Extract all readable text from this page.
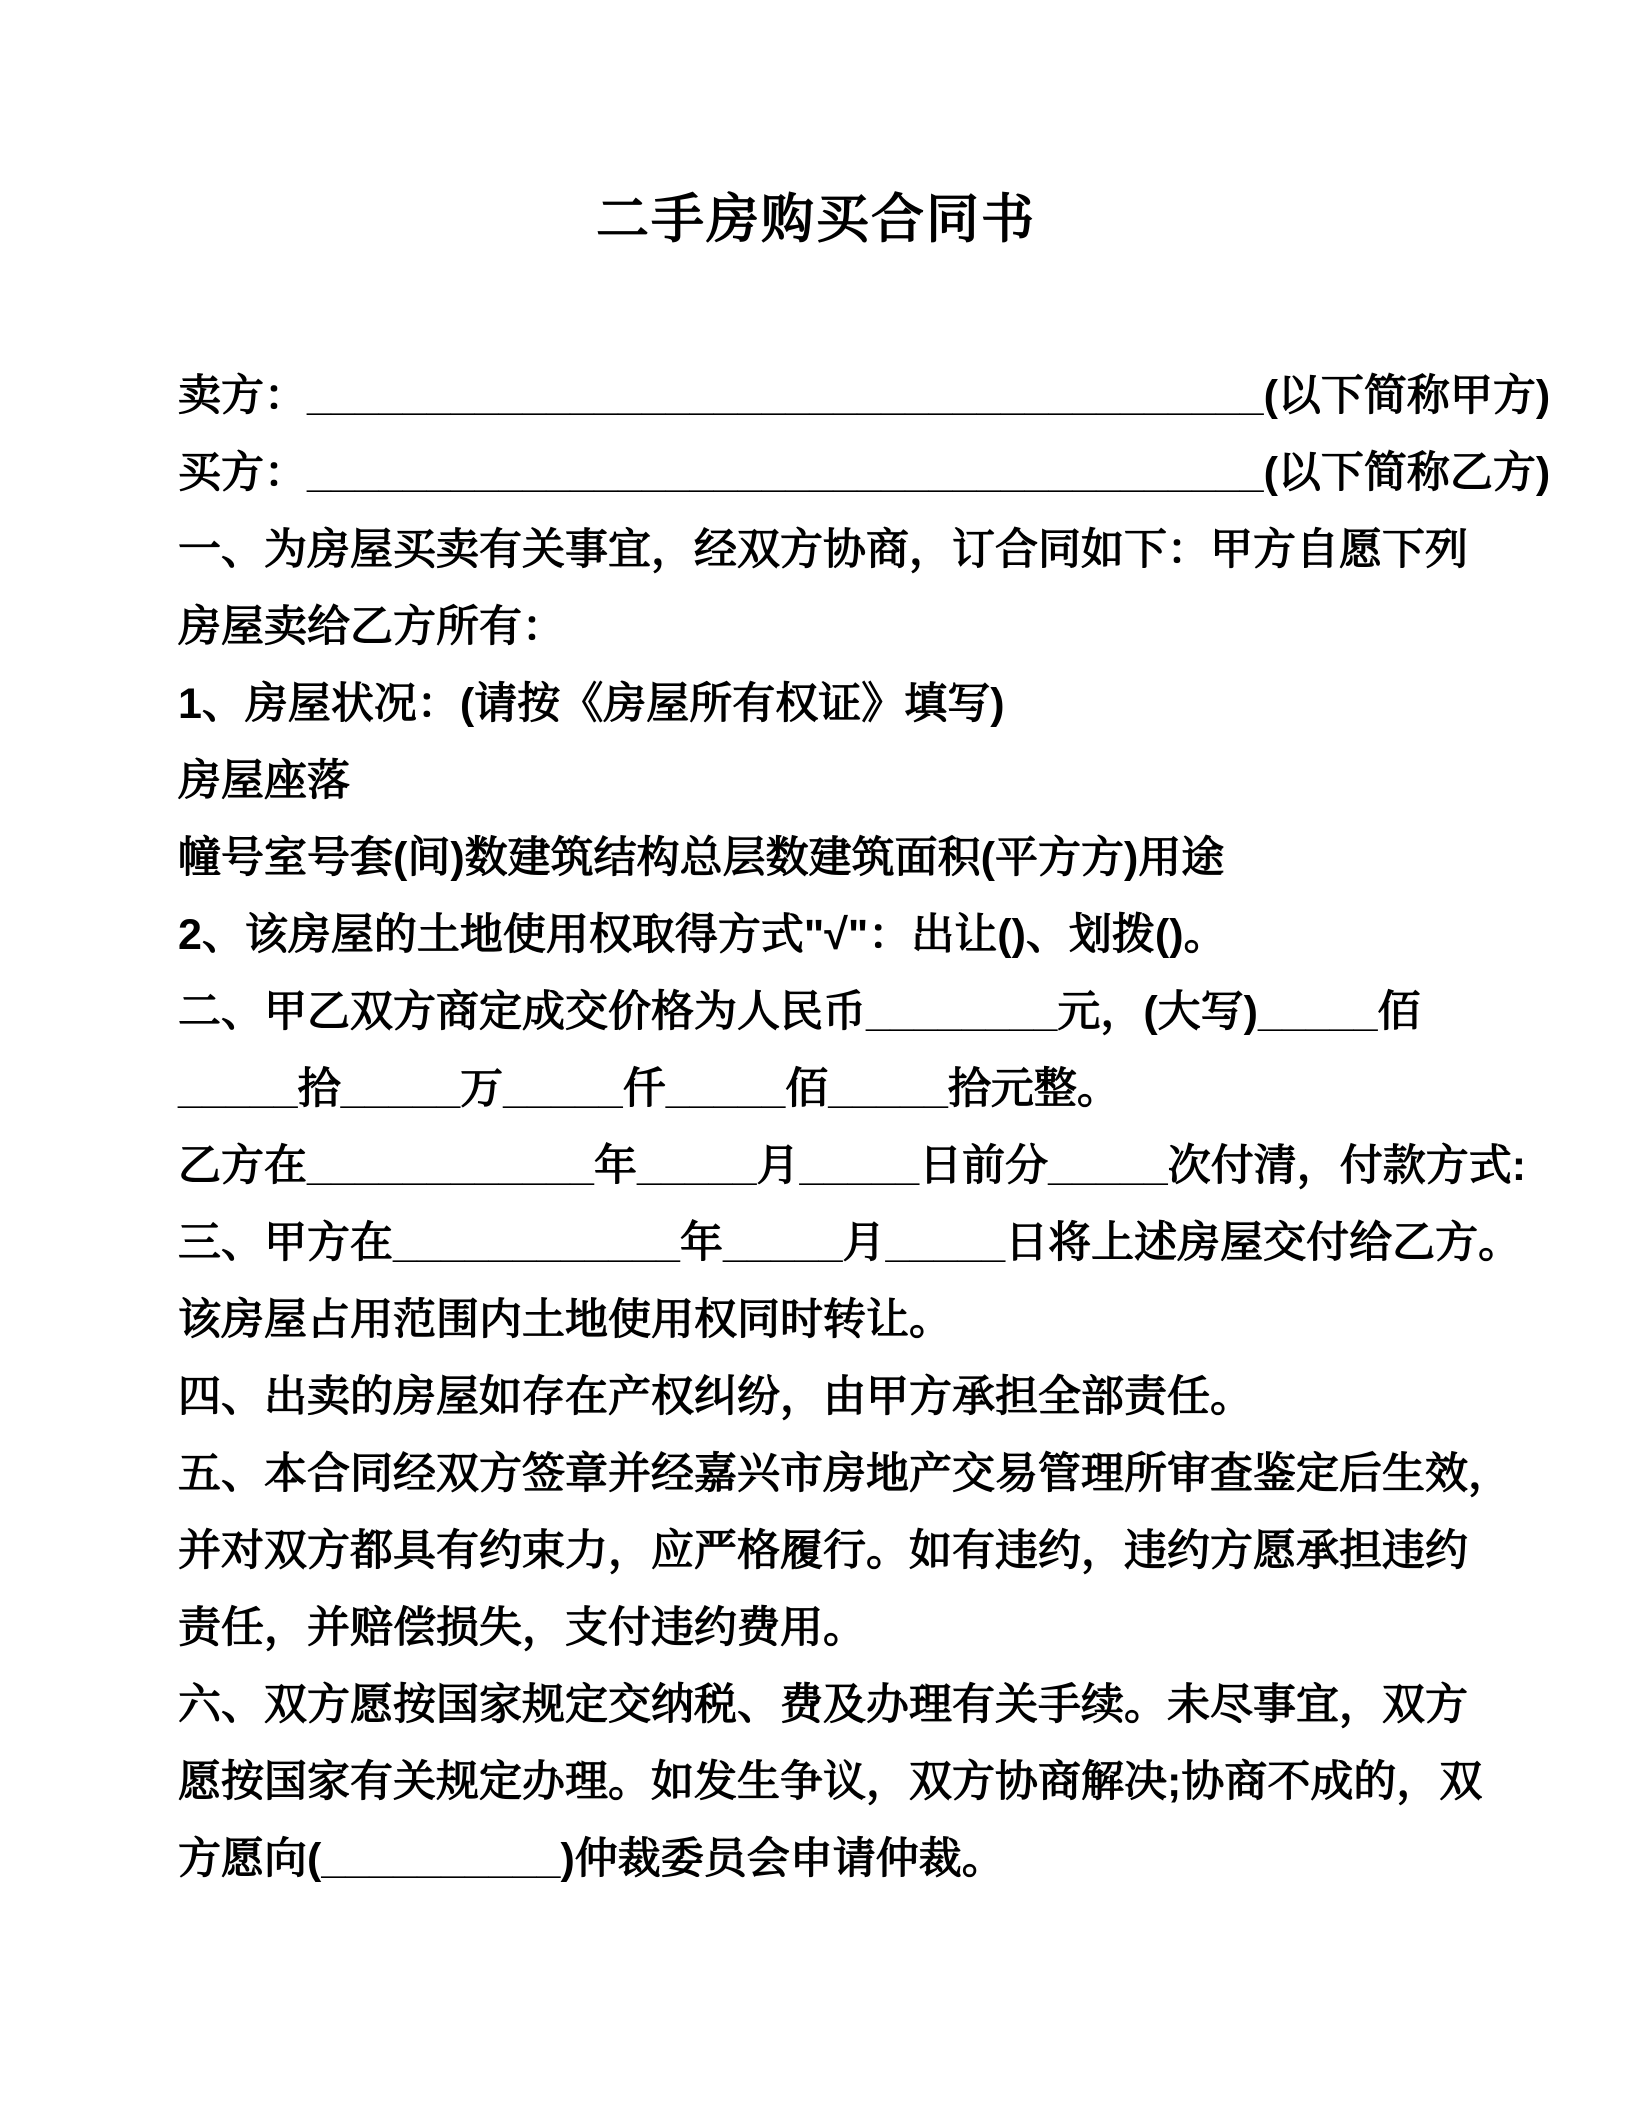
二手房购买合同书
卖方：________________________________________(以下简称甲方)
买方：________________________________________(以下简称乙方)
一、为房屋买卖有关事宜，经双方协商，订合同如下：甲方自愿下列
房屋卖给乙方所有：
1、房屋状况：(请按《房屋所有权证》填写)
房屋座落
幢号室号套(间)数建筑结构总层数建筑面积(平方方)用途
2、该房屋的土地使用权取得方式"√"：出让()、划拨()。
二、甲乙双方商定成交价格为人民币________元，(大写)_____佰
_____拾_____万_____仟_____佰_____拾元整。
乙方在____________年_____月_____日前分_____次付清，付款方式:
三、甲方在____________年_____月_____日将上述房屋交付给乙方。
该房屋占用范围内土地使用权同时转让。
四、出卖的房屋如存在产权纠纷，由甲方承担全部责任。
五、本合同经双方签章并经嘉兴市房地产交易管理所审查鉴定后生效，
并对双方都具有约束力，应严格履行。如有违约，违约方愿承担违约
责任，并赔偿损失，支付违约费用。
六、双方愿按国家规定交纳税、费及办理有关手续。未尽事宜，双方
愿按国家有关规定办理。如发生争议，双方协商解决;协商不成的，双
方愿向(__________)仲裁委员会申请仲裁。
